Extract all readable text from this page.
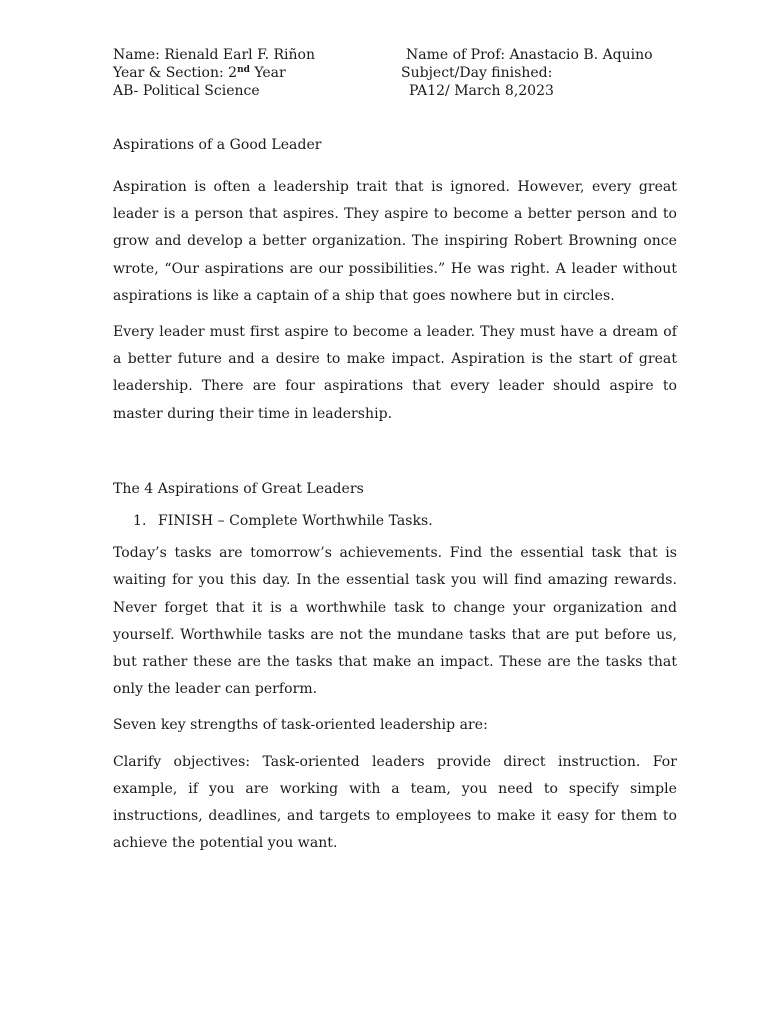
Name: Rienald Earl F. Riñon	Name of Prof: Anastacio B. Aquino
Year & Section: 2nd Year	Subject/Day finished:
AB- Political Science	PA12/ March 8,2023

Aspirations of a Good Leader

Aspiration is often a leadership trait that is ignored. However, every great leader is a person that aspires. They aspire to become a better person and to grow and develop a better organization. The inspiring Robert Browning once wrote, “Our aspirations are our possibilities.” He was right. A leader without aspirations is like a captain of a ship that goes nowhere but in circles.

Every leader must first aspire to become a leader. They must have a dream of a better future and a desire to make impact. Aspiration is the start of great leadership. There are four aspirations that every leader should aspire to master during their time in leadership.

The 4 Aspirations of Great Leaders

1. FINISH – Complete Worthwhile Tasks.

Today’s tasks are tomorrow’s achievements. Find the essential task that is waiting for you this day. In the essential task you will find amazing rewards. Never forget that it is a worthwhile task to change your organization and yourself. Worthwhile tasks are not the mundane tasks that are put before us, but rather these are the tasks that make an impact. These are the tasks that only the leader can perform.

Seven key strengths of task-oriented leadership are:

Clarify objectives: Task-oriented leaders provide direct instruction. For example, if you are working with a team, you need to specify simple instructions, deadlines, and targets to employees to make it easy for them to achieve the potential you want.
